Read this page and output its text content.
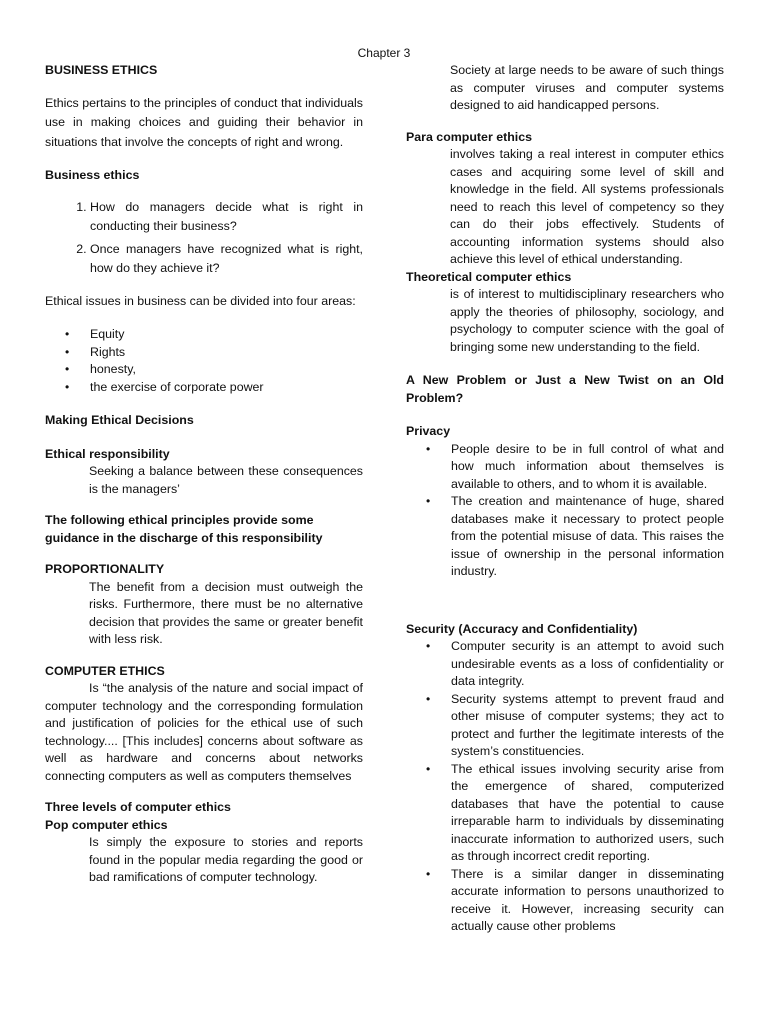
Chapter 3

BUSINESS ETHICS

Ethics pertains to the principles of conduct that individuals use in making choices and guiding their behavior in situations that involve the concepts of right and wrong.

Business ethics

1. How do managers decide what is right in conducting their business?
2. Once managers have recognized what is right, how do they achieve it?

Ethical issues in business can be divided into four areas:

• Equity
• Rights
• honesty,
• the exercise of corporate power

Making Ethical Decisions

Ethical responsibility

Seeking a balance between these consequences is the managers’

The following ethical principles provide some guidance in the discharge of this responsibility

PROPORTIONALITY

The benefit from a decision must outweigh the risks. Furthermore, there must be no alternative decision that provides the same or greater benefit with less risk.

COMPUTER ETHICS

Is “the analysis of the nature and social impact of computer technology and the corresponding formulation and justification of policies for the ethical use of such technology.... [This includes] concerns about software as well as hardware and concerns about networks connecting computers as well as computers themselves

Three levels of computer ethics

Pop computer ethics

Is simply the exposure to stories and reports found in the popular media regarding the good or bad ramifications of computer technology.

Society at large needs to be aware of such things as computer viruses and computer systems designed to aid handicapped persons.

Para computer ethics

involves taking a real interest in computer ethics cases and acquiring some level of skill and knowledge in the field. All systems professionals need to reach this level of competency so they can do their jobs effectively. Students of accounting information systems should also achieve this level of ethical understanding.

Theoretical computer ethics

is of interest to multidisciplinary researchers who apply the theories of philosophy, sociology, and psychology to computer science with the goal of bringing some new understanding to the field.

A New Problem or Just a New Twist on an Old Problem?

Privacy

• People desire to be in full control of what and how much information about themselves is available to others, and to whom it is available.
• The creation and maintenance of huge, shared databases make it necessary to protect people from the potential misuse of data. This raises the issue of ownership in the personal information industry.

Security (Accuracy and Confidentiality)

• Computer security is an attempt to avoid such undesirable events as a loss of confidentiality or data integrity.
• Security systems attempt to prevent fraud and other misuse of computer systems; they act to protect and further the legitimate interests of the system’s constituencies.
• The ethical issues involving security arise from the emergence of shared, computerized databases that have the potential to cause irreparable harm to individuals by disseminating inaccurate information to authorized users, such as through incorrect credit reporting.
• There is a similar danger in disseminating accurate information to persons unauthorized to receive it. However, increasing security can actually cause other problems
